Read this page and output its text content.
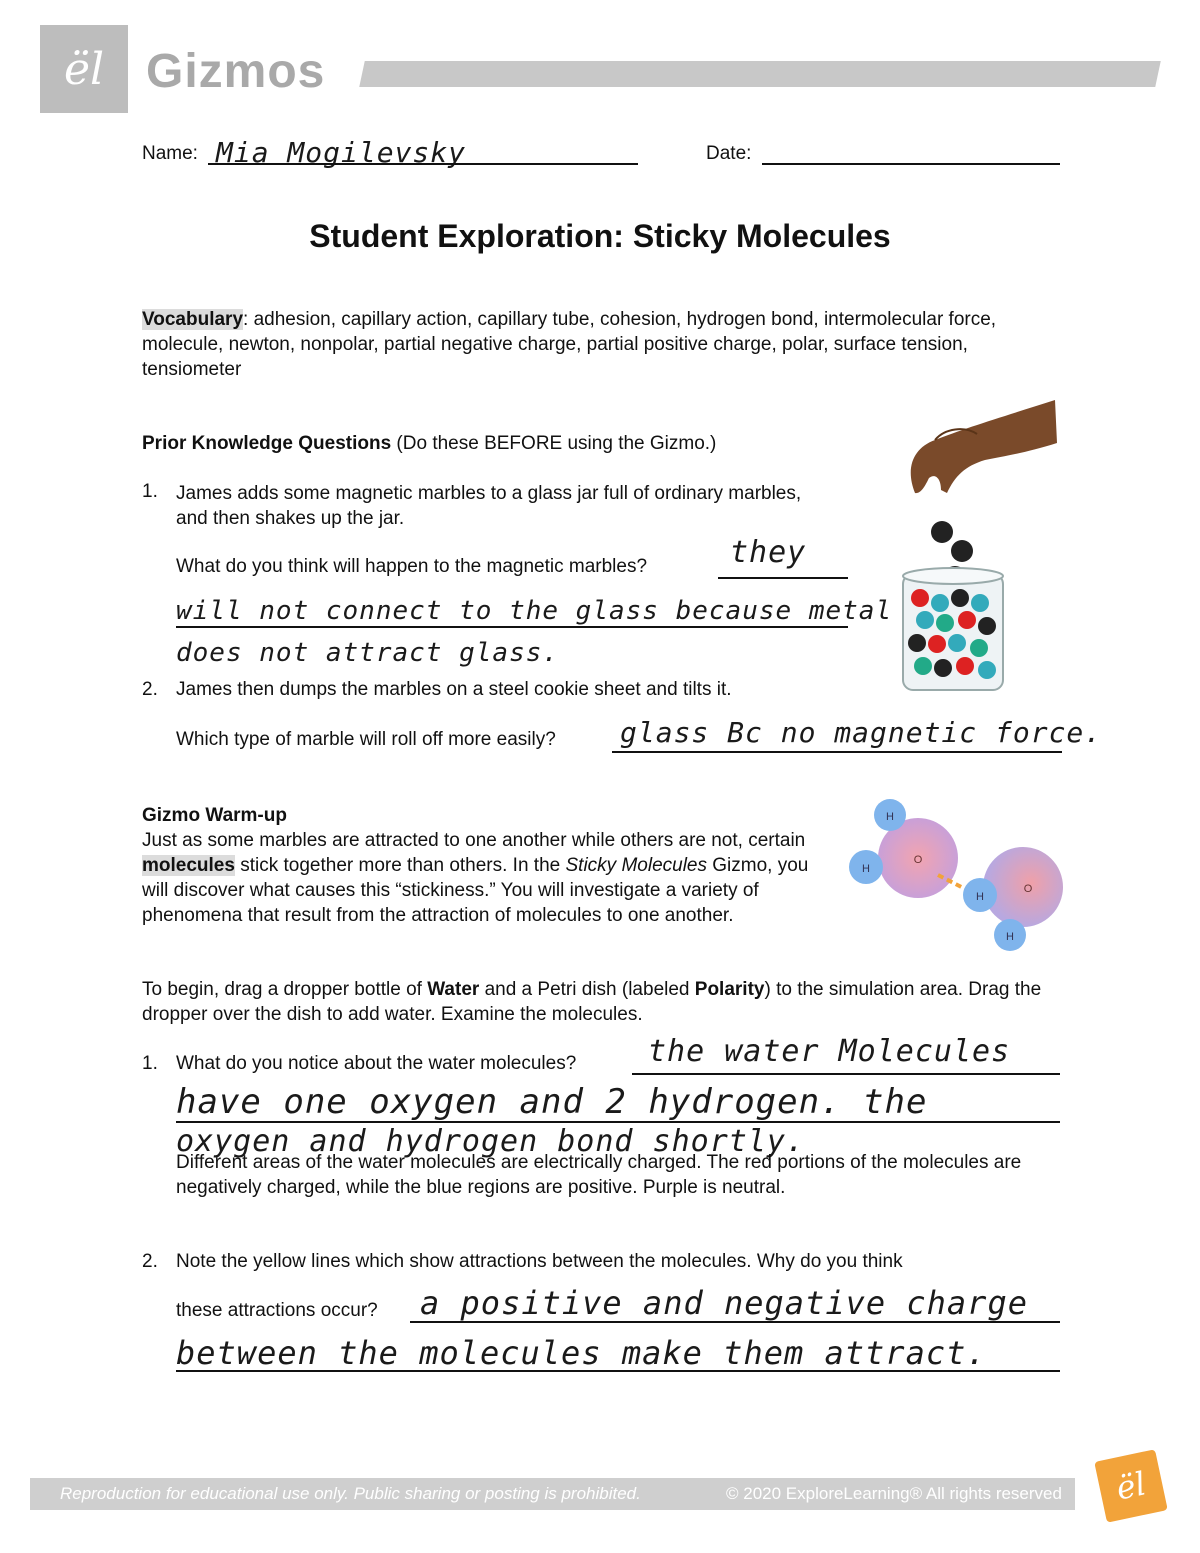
ël Gizmos
Name: Mia Mogilevsky	Date:
Student Exploration: Sticky Molecules
Vocabulary: adhesion, capillary action, capillary tube, cohesion, hydrogen bond, intermolecular force, molecule, newton, nonpolar, partial negative charge, partial positive charge, polar, surface tension, tensiometer
Prior Knowledge Questions (Do these BEFORE using the Gizmo.)
1. James adds some magnetic marbles to a glass jar full of ordinary marbles, and then shakes up the jar.
What do you think will happen to the magnetic marbles?	they
will not connect to the glass because metal
does not attract glass.
2. James then dumps the marbles on a steel cookie sheet and tilts it.
Which type of marble will roll off more easily? glass Bc no magnetic force.
Gizmo Warm-up
Just as some marbles are attracted to one another while others are not, certain molecules stick together more than others. In the Sticky Molecules Gizmo, you will discover what causes this “stickiness.” You will investigate a variety of phenomena that result from the attraction of molecules to one another.
H
H
O
H
O
H
To begin, drag a dropper bottle of Water and a Petri dish (labeled Polarity) to the simulation area. Drag the dropper over the dish to add water. Examine the molecules.
1. What do you notice about the water molecules? the water Molecules
have one oxygen and 2 hydrogen. the
oxygen and hydrogen bond shortly.
Different areas of the water molecules are electrically charged. The red portions of the molecules are negatively charged, while the blue regions are positive. Purple is neutral.
2. Note the yellow lines which show attractions between the molecules. Why do you think
these attractions occur? a positive and negative charge
between the molecules make them attract.
Reproduction for educational use only. Public sharing or posting is prohibited.	© 2020 ExploreLearning® All rights reserved ël
